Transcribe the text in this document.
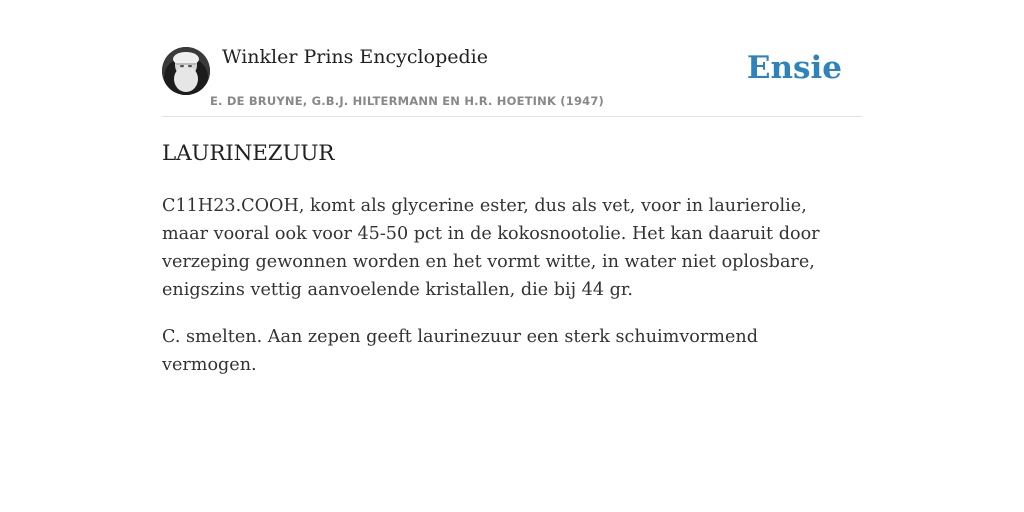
Winkler Prins Encyclopedie
E. DE BRUYNE, G.B.J. HILTERMANN EN H.R. HOETINK (1947)
Ensie
LAURINEZUUR

C11H23.COOH, komt als glycerine ester, dus als vet, voor in laurierolie, maar vooral ook voor 45-50 pct in de kokosnootolie. Het kan daaruit door verzeping gewonnen worden en het vormt witte, in water niet oplosbare, enigszins vettig aanvoelende kristallen, die bij 44 gr.

C. smelten. Aan zepen geeft laurinezuur een sterk schuimvormend vermogen.
